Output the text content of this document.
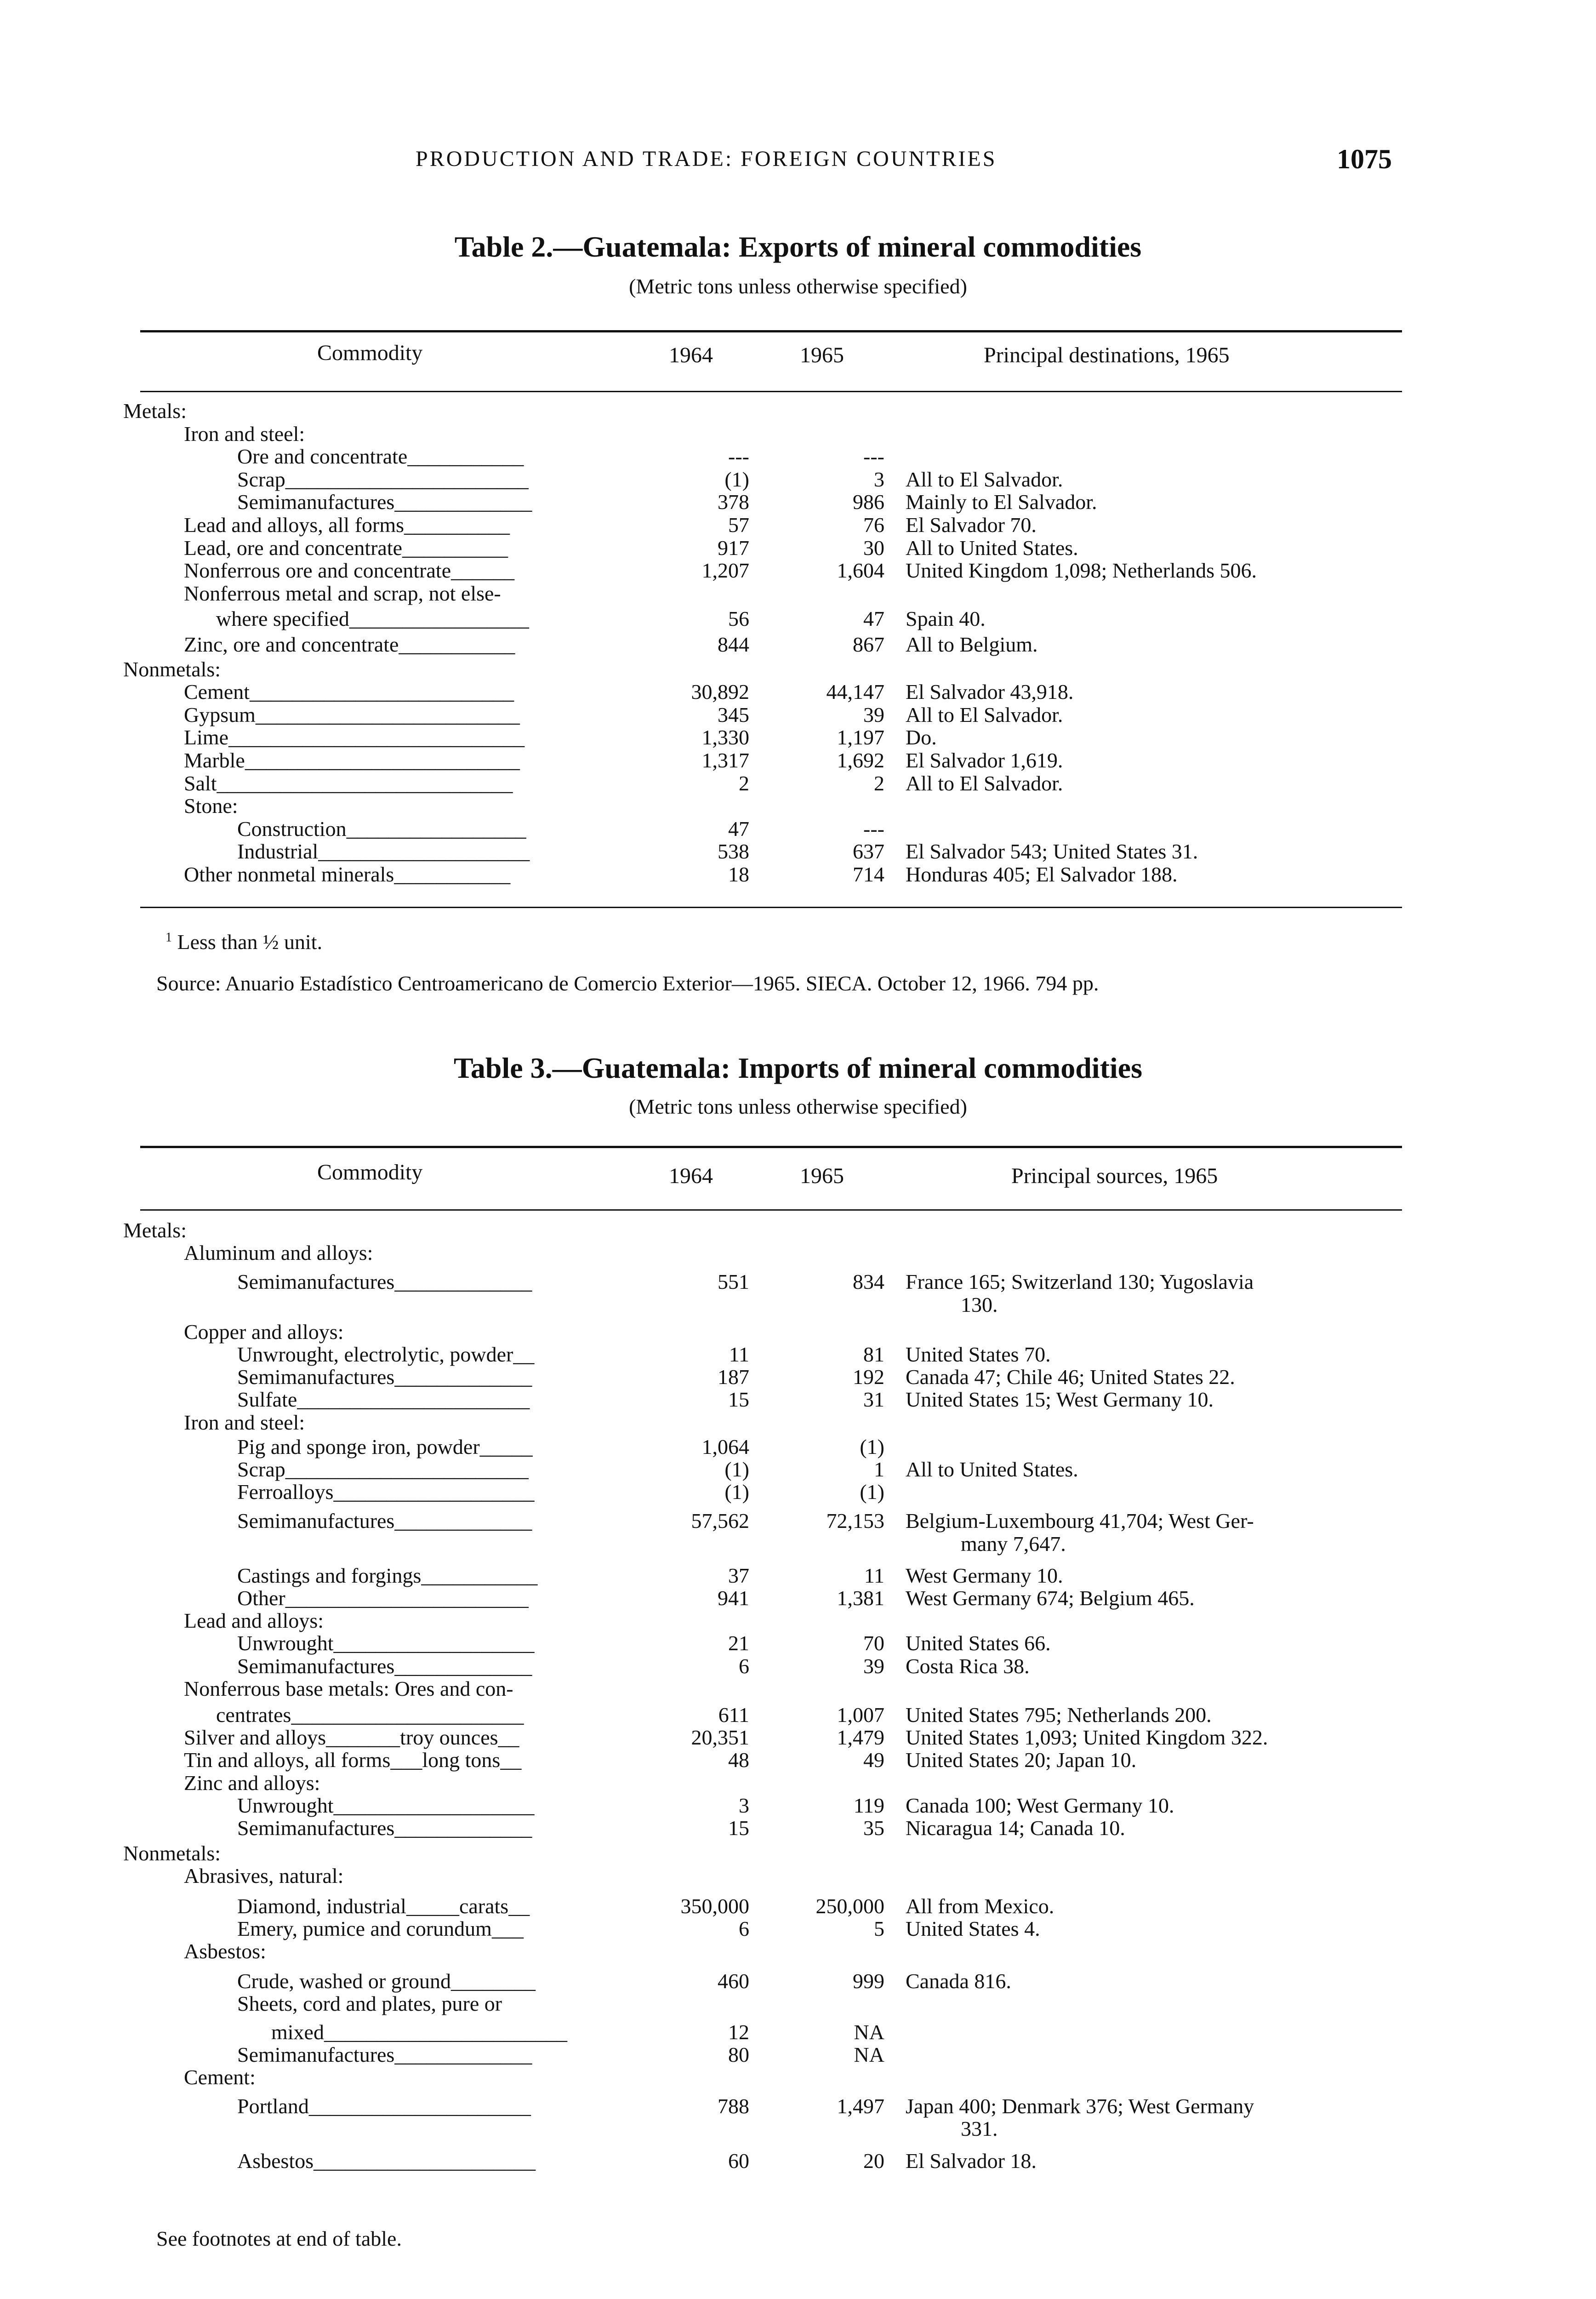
PRODUCTION AND TRADE: FOREIGN COUNTRIES	1075
Table 2.—Guatemala: Exports of mineral commodities
(Metric tons unless otherwise specified)
Commodity	1964	1965	Principal destinations, 1965
Metals:
Iron and steel:
Ore and concentrate___________	---	---
Scrap_______________________	(1)	3 All to El Salvador.
Semimanufactures_____________	378	986 Mainly to El Salvador.
Lead and alloys, all forms__________	57	76 El Salvador 70.
Lead, ore and concentrate__________	917	30 All to United States.
Nonferrous ore and concentrate______	1,207	1,604 United Kingdom 1,098; Netherlands 506.
Nonferrous metal and scrap, not else-
where specified_________________	56	47 Spain 40.
Zinc, ore and concentrate___________	844	867 All to Belgium.
Nonmetals:
Cement_________________________	30,892	44,147 El Salvador 43,918.
Gypsum_________________________	345	39 All to El Salvador.
Lime____________________________	1,330	1,197 Do.
Marble__________________________	1,317	1,692 El Salvador 1,619.
Salt____________________________	2	2 All to El Salvador.
Stone:
Construction_________________	47	---
Industrial____________________	538	637 El Salvador 543; United States 31.
Other nonmetal minerals___________	18	714 Honduras 405; El Salvador 188.
$^1$ Less than ½ unit.
Source: Anuario Estadístico Centroamericano de Comercio Exterior—1965. SIECA. October 12, 1966. 794 pp.
Table 3.—Guatemala: Imports of mineral commodities
(Metric tons unless otherwise specified)
Commodity	1964	1965	Principal sources, 1965
Metals:
Aluminum and alloys:
Semimanufactures_____________	551	834 France 165; Switzerland 130; Yugoslavia
130.
Copper and alloys:
Unwrought, electrolytic, powder__	11	81 United States 70.
Semimanufactures_____________	187	192 Canada 47; Chile 46; United States 22.
Sulfate______________________	15	31 United States 15; West Germany 10.
Iron and steel:
Pig and sponge iron, powder_____	1,064	(1)
Scrap_______________________	(1)	1 All to United States.
Ferroalloys___________________	(1)	(1)
Semimanufactures_____________	57,562	72,153 Belgium-Luxembourg 41,704; West Ger-
many 7,647.
Castings and forgings___________	37	11 West Germany 10.
Other_______________________	941	1,381 West Germany 674; Belgium 465.
Lead and alloys:
Unwrought___________________	21	70 United States 66.
Semimanufactures_____________	6	39 Costa Rica 38.
Nonferrous base metals: Ores and con-
centrates______________________	611	1,007 United States 795; Netherlands 200.
Silver and alloys_______troy ounces__	20,351	1,479 United States 1,093; United Kingdom 322.
Tin and alloys, all forms___long tons__	48	49 United States 20; Japan 10.
Zinc and alloys:
Unwrought___________________	3	119 Canada 100; West Germany 10.
Semimanufactures_____________	15	35 Nicaragua 14; Canada 10.
Nonmetals:
Abrasives, natural:
Diamond, industrial_____carats__	350,000	250,000 All from Mexico.
Emery, pumice and corundum___	6	5 United States 4.
Asbestos:
Crude, washed or ground________	460	999 Canada 816.
Sheets, cord and plates, pure or
mixed_______________________	12	NA
Semimanufactures_____________	80	NA
Cement:
Portland_____________________	788	1,497 Japan 400; Denmark 376; West Germany
331.
Asbestos_____________________	60	20 El Salvador 18.
See footnotes at end of table.
